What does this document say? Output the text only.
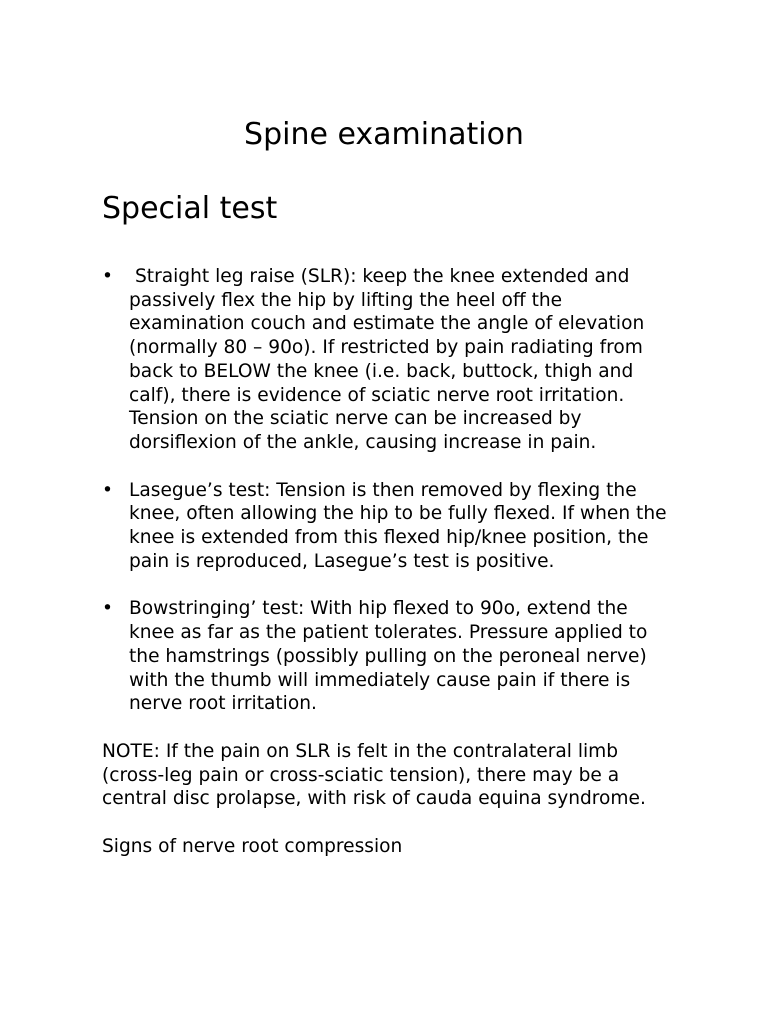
Spine examination
Special test
•	Straight leg raise (SLR): keep the knee extended and passively flex the hip by lifting the heel off the examination couch and estimate the angle of elevation (normally 80 – 90o). If restricted by pain radiating from back to BELOW the knee (i.e. back, buttock, thigh and calf), there is evidence of sciatic nerve root irritation. Tension on the sciatic nerve can be increased by dorsiflexion of the ankle, causing increase in pain.
• Lasegue’s test: Tension is then removed by flexing the knee, often allowing the hip to be fully flexed. If when the knee is extended from this flexed hip/knee position, the pain is reproduced, Lasegue’s test is positive.
• Bowstringing’ test: With hip flexed to 90o, extend the knee as far as the patient tolerates. Pressure applied to the hamstrings (possibly pulling on the peroneal nerve) with the thumb will immediately cause pain if there is nerve root irritation.

NOTE: If the pain on SLR is felt in the contralateral limb (cross-leg pain or cross-sciatic tension), there may be a central disc prolapse, with risk of cauda equina syndrome.

Signs of nerve root compression
